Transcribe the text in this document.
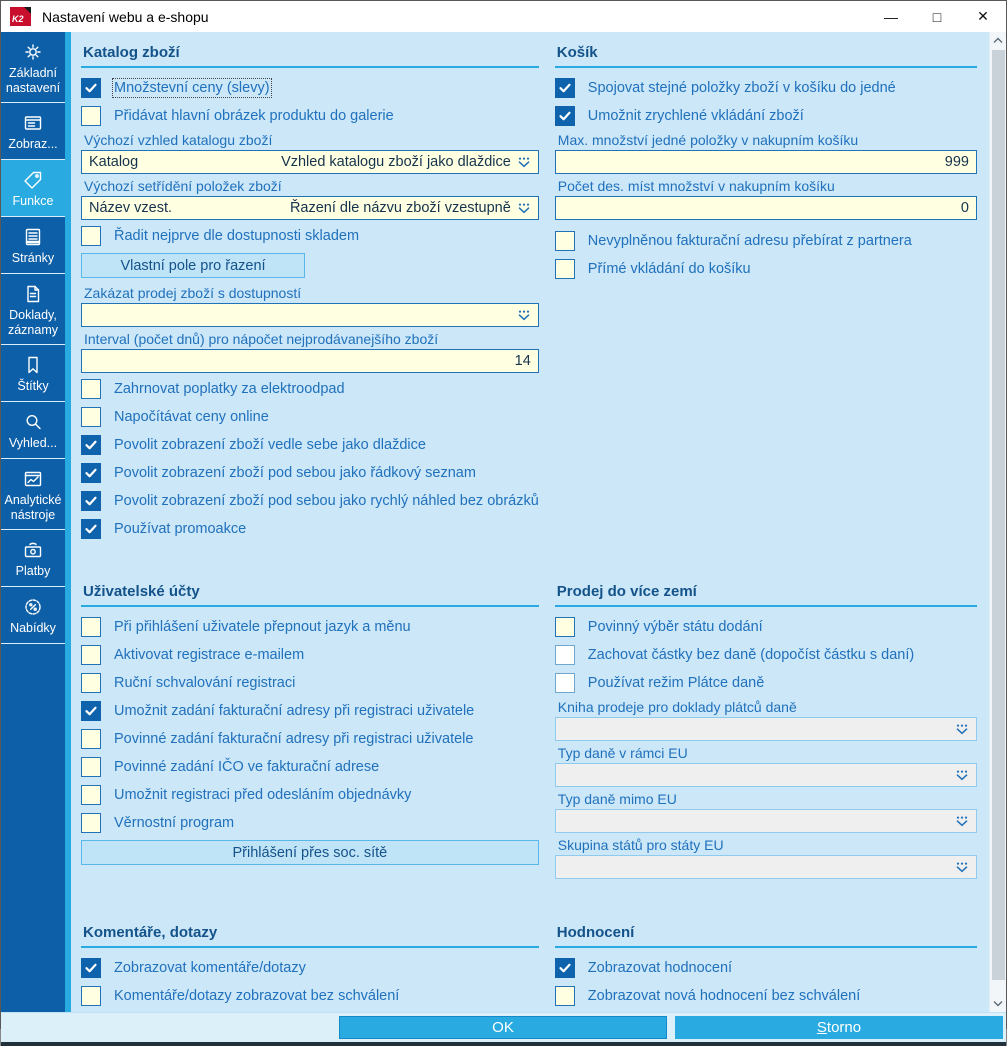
K2 Nastavení webu a e-shopu	—	□	✕
Základní nastavení
Zobraz...
Funkce
Stránky
Doklady, záznamy
Štítky
Vyhled...
Analytické nástroje
Platby
Nabídky
Katalog zboží
Množstevní ceny (slevy)
Přidávat hlavní obrázek produktu do galerie
Výchozí vzhled katalogu zboží
Katalog	Vzhled katalogu zboží jako dlaždice
Výchozí setřídění položek zboží
Název vzest.	Řazení dle názvu zboží vzestupně
Řadit nejprve dle dostupnosti skladem
Vlastní pole pro řazení
Zakázat prodej zboží s dostupností
Interval (počet dnů) pro nápočet nejprodávanejšího zboží
14
Zahrnovat poplatky za elektroodpad
Napočítávat ceny online
Povolit zobrazení zboží vedle sebe jako dlaždice
Povolit zobrazení zboží pod sebou jako řádkový seznam
Povolit zobrazení zboží pod sebou jako rychlý náhled bez obrázků
Používat promoakce
Košík
Spojovat stejné položky zboží v košíku do jedné
Umožnit zrychlené vkládání zboží
Max. množství jedné položky v nakupním košíku
999
Počet des. míst množství v nakupním košíku
0
Nevyplněnou fakturační adresu přebírat z partnera
Přímé vkládání do košíku
Uživatelské účty
Při přihlášení uživatele přepnout jazyk a měnu
Aktivovat registrace e-mailem
Ruční schvalování registraci
Umožnit zadání fakturační adresy při registraci uživatele
Povinné zadání fakturační adresy při registraci uživatele
Povinné zadání IČO ve fakturační adrese
Umožnit registraci před odesláním objednávky
Věrnostní program
Přihlášení přes soc. sítě
Prodej do více zemí
Povinný výběr státu dodání
Zachovat částky bez daně (dopočíst částku s daní)
Používat režim Plátce daně
Kniha prodeje pro doklady plátců daně
Typ daně v rámci EU
Typ daně mimo EU
Skupina států pro státy EU
Komentáře, dotazy
Zobrazovat komentáře/dotazy
Komentáře/dotazy zobrazovat bez schválení
Hodnocení
Zobrazovat hodnocení
Zobrazovat nová hodnocení bez schválení
OK	Storno
